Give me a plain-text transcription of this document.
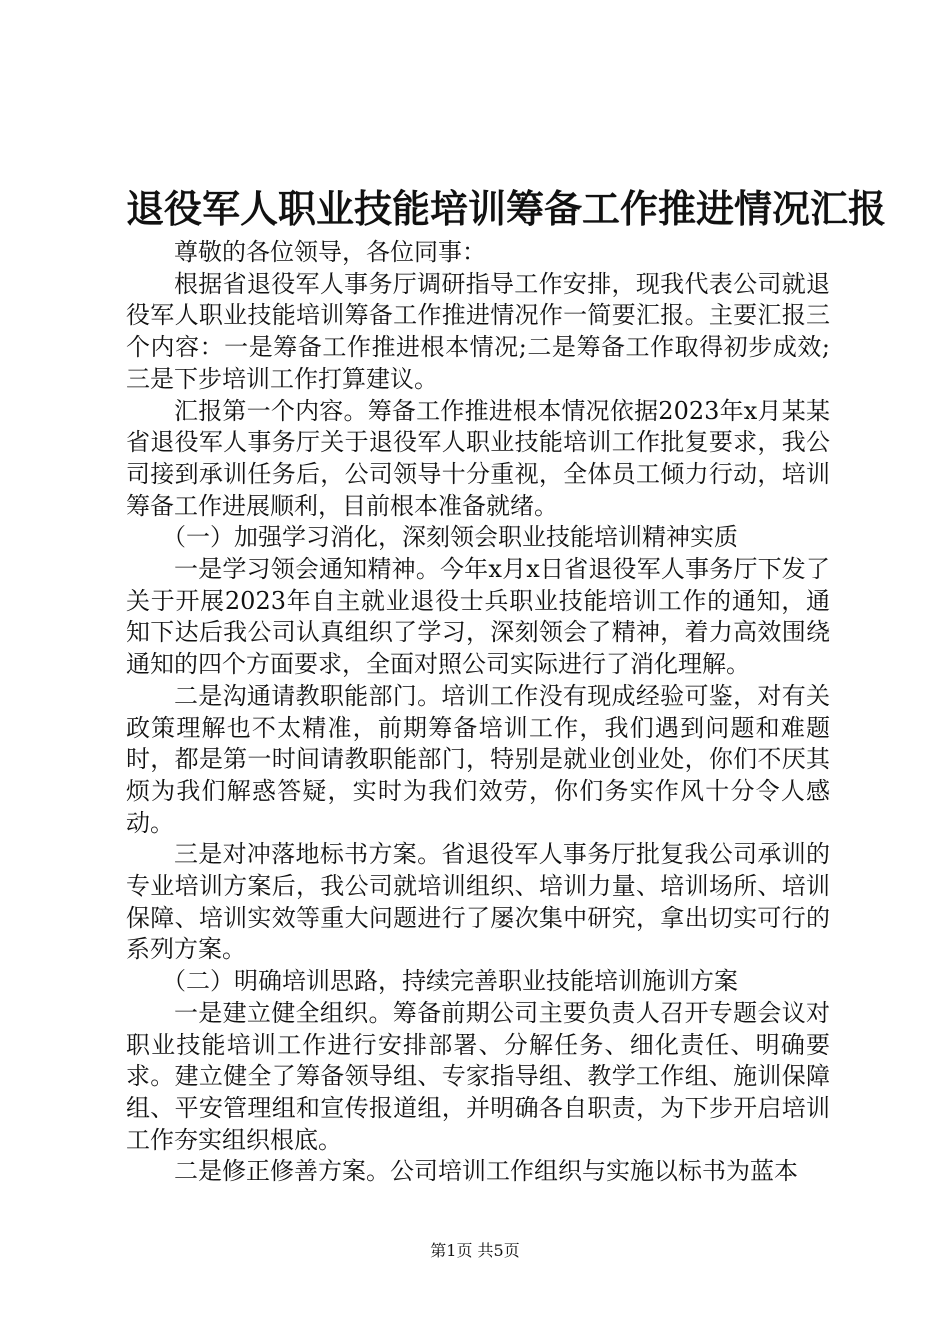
退役军人职业技能培训筹备工作推进情况汇报

尊敬的各位领导，各位同事：

根据省退役军人事务厅调研指导工作安排，现我代表公司就退役军人职业技能培训筹备工作推进情况作一简要汇报。主要汇报三个内容：一是筹备工作推进根本情况;二是筹备工作取得初步成效;三是下步培训工作打算建议。

汇报第一个内容。筹备工作推进根本情况依据2023年x月某某省退役军人事务厅关于退役军人职业技能培训工作批复要求，我公司接到承训任务后，公司领导十分重视，全体员工倾力行动，培训筹备工作进展顺利，目前根本准备就绪。

（一）加强学习消化，深刻领会职业技能培训精神实质

一是学习领会通知精神。今年x月x日省退役军人事务厅下发了关于开展2023年自主就业退役士兵职业技能培训工作的通知，通知下达后我公司认真组织了学习，深刻领会了精神，着力高效围绕通知的四个方面要求，全面对照公司实际进行了消化理解。

二是沟通请教职能部门。培训工作没有现成经验可鉴，对有关政策理解也不太精准，前期筹备培训工作，我们遇到问题和难题时，都是第一时间请教职能部门，特别是就业创业处，你们不厌其烦为我们解惑答疑，实时为我们效劳，你们务实作风十分令人感动。

三是对冲落地标书方案。省退役军人事务厅批复我公司承训的专业培训方案后，我公司就培训组织、培训力量、培训场所、培训保障、培训实效等重大问题进行了屡次集中研究，拿出切实可行的系列方案。

（二）明确培训思路，持续完善职业技能培训施训方案

一是建立健全组织。筹备前期公司主要负责人召开专题会议对职业技能培训工作进行安排部署、分解任务、细化责任、明确要求。建立健全了筹备领导组、专家指导组、教学工作组、施训保障组、平安管理组和宣传报道组，并明确各自职责，为下步开启培训工作夯实组织根底。

二是修正修善方案。公司培训工作组织与实施以标书为蓝本

第1页 共5页
